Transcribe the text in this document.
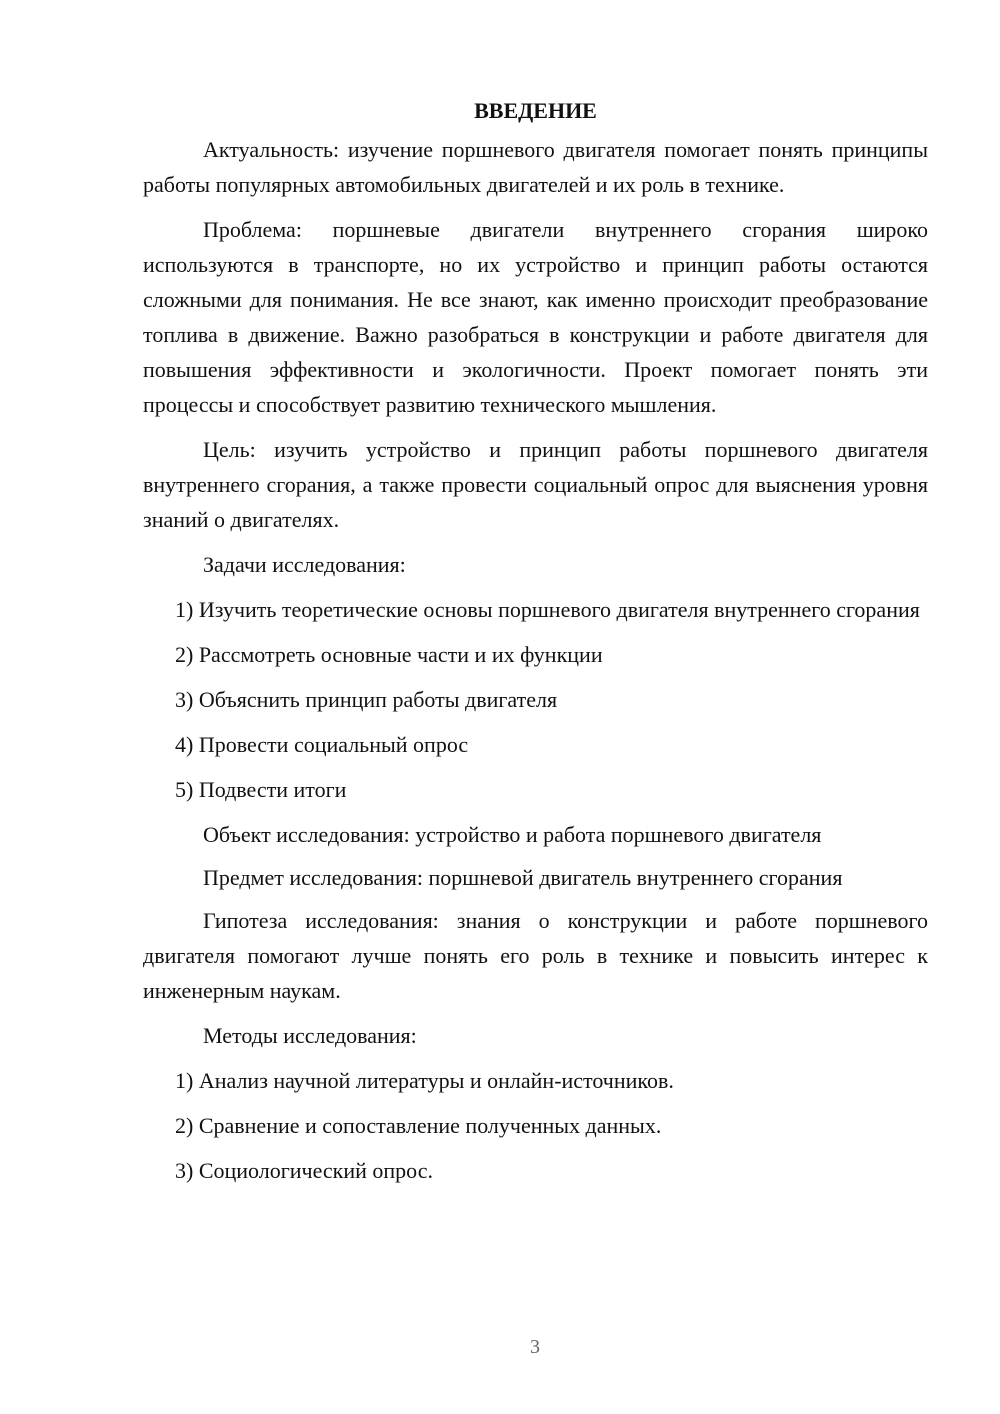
ВВЕДЕНИЕ

Актуальность: изучение поршневого двигателя помогает понять принципы работы популярных автомобильных двигателей и их роль в технике.

Проблема: поршневые двигатели внутреннего сгорания широко используются в транспорте, но их устройство и принцип работы остаются сложными для понимания. Не все знают, как именно происходит преобразование топлива в движение. Важно разобраться в конструкции и работе двигателя для повышения эффективности и экологичности. Проект помогает понять эти процессы и способствует развитию технического мышления.

Цель: изучить устройство и принцип работы поршневого двигателя внутреннего сгорания, а также провести социальный опрос для выяснения уровня знаний о двигателях.

Задачи исследования:

1) Изучить теоретические основы поршневого двигателя внутреннего сгорания

2) Рассмотреть основные части и их функции

3) Объяснить принцип работы двигателя

4) Провести социальный опрос

5) Подвести итоги

Объект исследования: устройство и работа поршневого двигателя

Предмет исследования: поршневой двигатель внутреннего сгорания

Гипотеза исследования: знания о конструкции и работе поршневого двигателя помогают лучше понять его роль в технике и повысить интерес к инженерным наукам.

Методы исследования:

1) Анализ научной литературы и онлайн-источников.

2) Сравнение и сопоставление полученных данных.

3) Социологический опрос.

3
